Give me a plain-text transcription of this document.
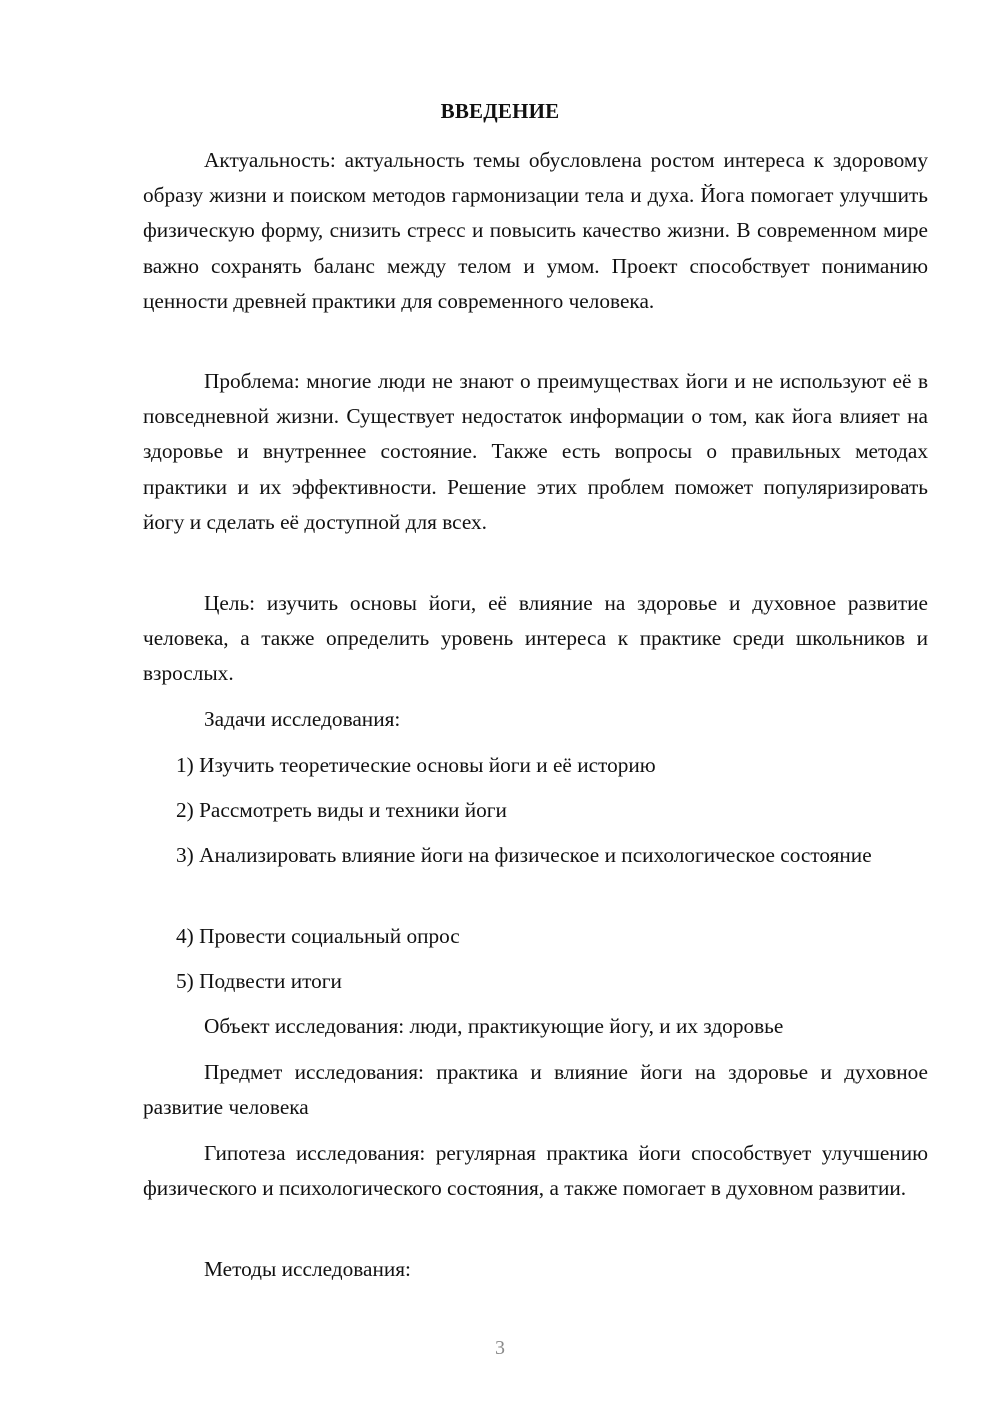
ВВЕДЕНИЕ

Актуальность: актуальность темы обусловлена ростом интереса к здоровому образу жизни и поиском методов гармонизации тела и духа. Йога помогает улучшить физическую форму, снизить стресс и повысить качество жизни. В современном мире важно сохранять баланс между телом и умом. Проект способствует пониманию ценности древней практики для современного человека.

Проблема: многие люди не знают о преимуществах йоги и не используют её в повседневной жизни. Существует недостаток информации о том, как йога влияет на здоровье и внутреннее состояние. Также есть вопросы о правильных методах практики и их эффективности. Решение этих проблем поможет популяризировать йогу и сделать её доступной для всех.

Цель: изучить основы йоги, её влияние на здоровье и духовное развитие человека, а также определить уровень интереса к практике среди школьников и взрослых.

Задачи исследования:

1) Изучить теоретические основы йоги и её историю

2) Рассмотреть виды и техники йоги

3) Анализировать влияние йоги на физическое и психологическое состояние

4) Провести социальный опрос

5) Подвести итоги

Объект исследования: люди, практикующие йогу, и их здоровье

Предмет исследования: практика и влияние йоги на здоровье и духовное развитие человека

Гипотеза исследования: регулярная практика йоги способствует улучшению физического и психологического состояния, а также помогает в духовном развитии.

Методы исследования:

3
